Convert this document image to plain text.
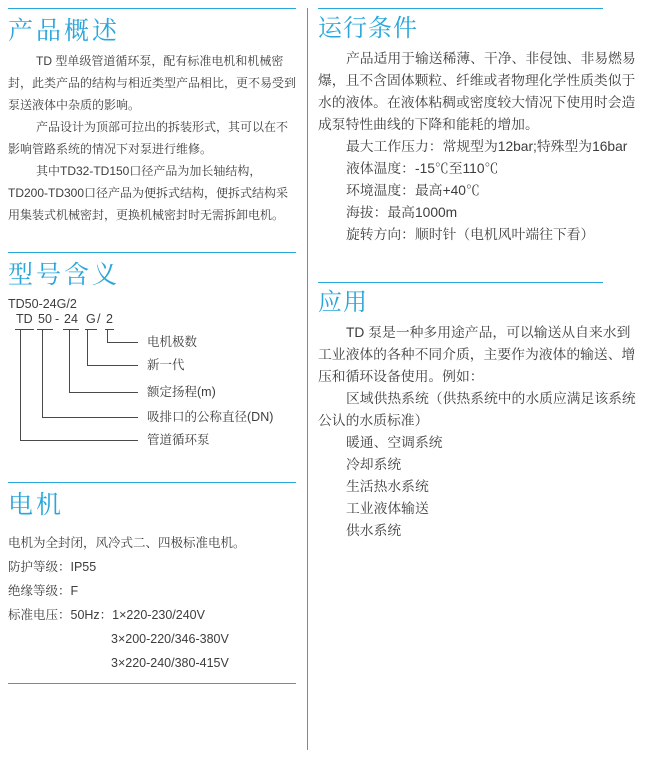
产品概述

TD 型单级管道循环泵，配有标准电机和机械密封，此类产品的结构与相近类型产品相比，更不易受到泵送液体中杂质的影响。

产品设计为顶部可拉出的拆装形式，其可以在不影响管路系统的情况下对泵进行维修。

其中TD32-TD150口径产品为加长轴结构，TD200-TD300口径产品为便拆式结构，便拆式结构采用集装式机械密封，更换机械密封时无需拆卸电机。

型号含义
TD50-24G/2
TD 50 - 24 G / 2
电机极数
新一代
额定扬程(m)
吸排口的公称直径(DN)
管道循环泵
电机
电机为全封闭，风冷式二、四极标准电机。
防护等级：IP55
绝缘等级：F
标准电压：50Hz：1×220-230/240V
3×200-220/346-380V
3×220-240/380-415V
运行条件

产品适用于输送稀薄、干净、非侵蚀、非易燃易爆，且不含固体颗粒、纤维或者物理化学性质类似于水的液体。在液体粘稠或密度较大情况下使用时会造成泵特性曲线的下降和能耗的增加。

最大工作压力：常规型为12bar;特殊型为16bar
液体温度：-15℃至110℃
环境温度：最高+40℃
海拔：最高1000m
旋转方向：顺时针（电机风叶端往下看）
应用

TD 泵是一种多用途产品，可以输送从自来水到工业液体的各种不同介质，主要作为液体的输送、增压和循环设备使用。例如：

区域供热系统（供热系统中的水质应满足该系统公认的水质标准）

暖通、空调系统
冷却系统
生活热水系统
工业液体输送
供水系统
